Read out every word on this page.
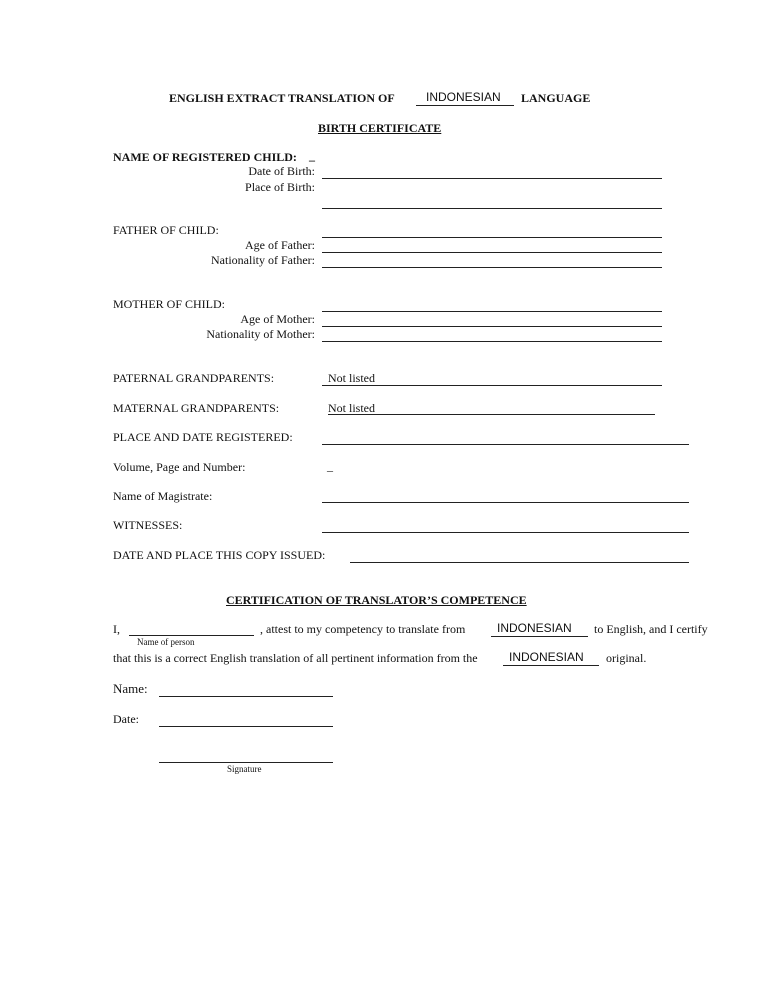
ENGLISH EXTRACT TRANSLATION OF	INDONESIAN LANGUAGE
BIRTH CERTIFICATE
NAME OF REGISTERED CHILD: _
Date of Birth:
Place of Birth:
FATHER OF CHILD:
Age of Father:
Nationality of Father:
MOTHER OF CHILD:
Age of Mother:
Nationality of Mother:
PATERNAL GRANDPARENTS:	Not listed
MATERNAL GRANDPARENTS:	Not listed
PLACE AND DATE REGISTERED:
Volume, Page and Number:	_
Name of Magistrate:
WITNESSES:
DATE AND PLACE THIS COPY ISSUED:
CERTIFICATION OF TRANSLATOR’S COMPETENCE
I,
Name of person
, attest to my competency to translate from	INDONESIAN to English, and I certify
that this is a correct English translation of all pertinent information from the	INDONESIAN original.
Name:
Date:
Signature
